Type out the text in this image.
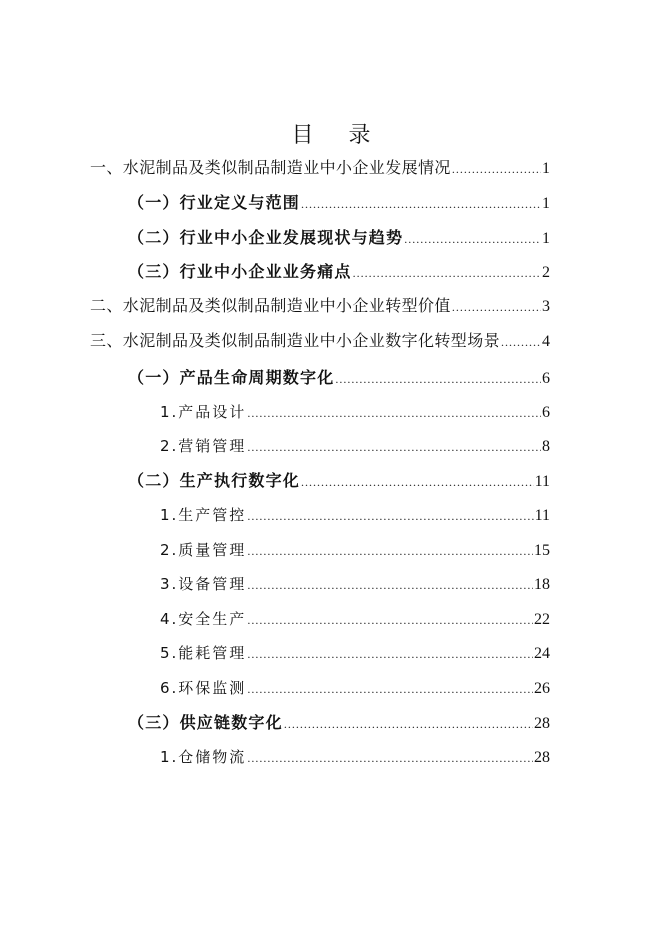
目 录
一、水泥制品及类似制品制造业中小企业发展情况 .....	1
（一）行业定义与范围 .....	1
（二）行业中小企业发展现状与趋势 .....	1
（三）行业中小企业业务痛点 .....	2
二、水泥制品及类似制品制造业中小企业转型价值 .....	3
三、水泥制品及类似制品制造业中小企业数字化转型场景 .....	4
（一）产品生命周期数字化 .....	6
1.产品设计 .....	6
2.营销管理 .....	8
（二）生产执行数字化 .....	11
1.生产管控 .....	11
2.质量管理 .....	15
3.设备管理 .....	18
4.安全生产 .....	22
5.能耗管理 .....	24
6.环保监测 .....	26
（三）供应链数字化 .....	28
1.仓储物流 .....	28
